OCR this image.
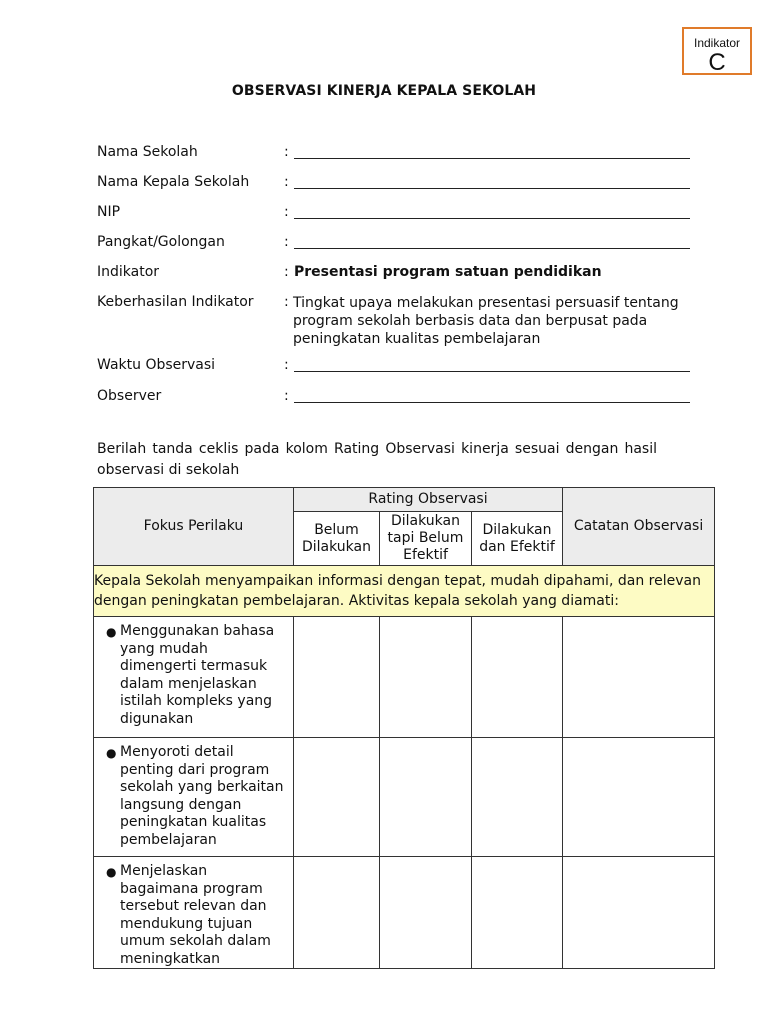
Indikator
C
OBSERVASI KINERJA KEPALA SEKOLAH
Nama Sekolah	:
Nama Kepala Sekolah :
NIP	:
Pangkat/Golongan	:
Indikator	: Presentasi program satuan pendidikan
Keberhasilan Indikator : Tingkat upaya melakukan presentasi persuasif tentang program sekolah berbasis data dan berpusat pada peningkatan kualitas pembelajaran
Waktu Observasi	:
Observer	:
Berilah tanda ceklis pada kolom Rating Observasi kinerja sesuai dengan hasil observasi di sekolah
Fokus Perilaku	Rating Observasi			Catatan Observasi
	Belum Dilakukan	Dilakukan tapi Belum Efektif	Dilakukan dan Efektif	
Kepala Sekolah menyampaikan informasi dengan tepat, mudah dipahami, dan relevan dengan peningkatan pembelajaran. Aktivitas kepala sekolah yang diamati:				

● Menggunakan bahasa yang mudah dimengerti termasuk dalam menjelaskan istilah kompleks yang digunakan				

● Menyoroti detail penting dari program sekolah yang berkaitan langsung dengan peningkatan kualitas pembelajaran				

● Menjelaskan bagaimana program tersebut relevan dan mendukung tujuan umum sekolah dalam meningkatkan				
